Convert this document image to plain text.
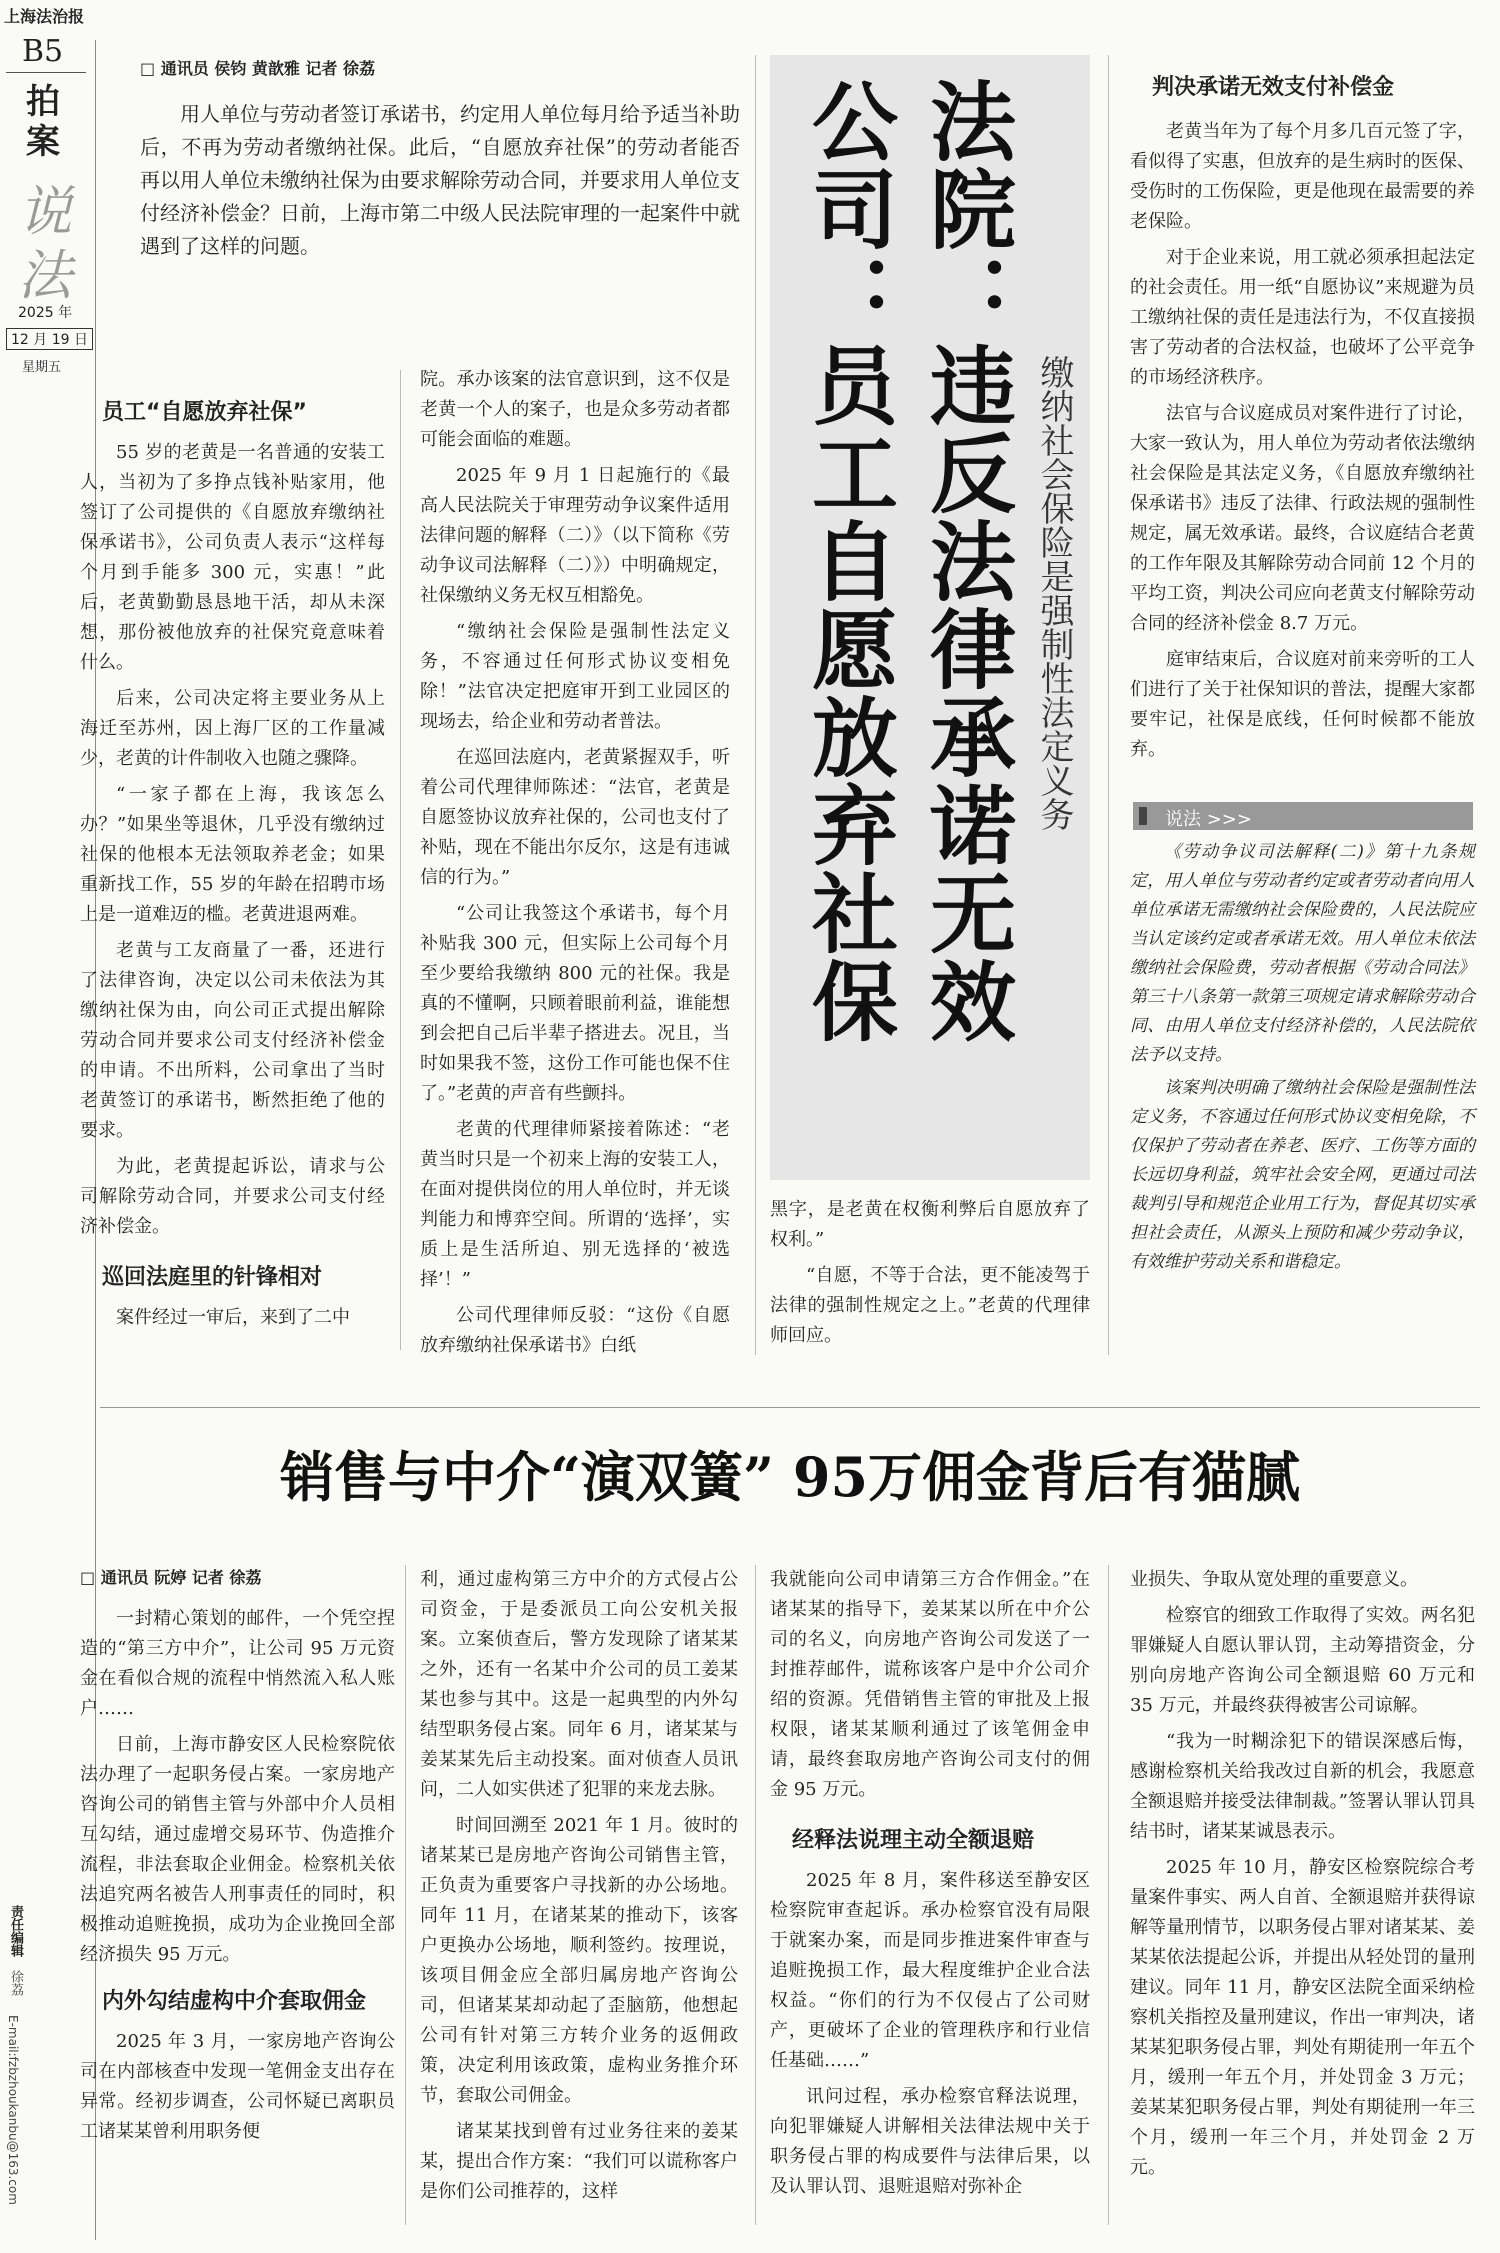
上海法治报
B5
拍案
说法
2025 年
12 月 19 日
星期五
责任编辑
徐荔
E-mail:fzbzhoukanbu@163.com
□ 通讯员 侯钧 黄歆雅 记者 徐荔

用人单位与劳动者签订承诺书，约定用人单位每月给予适当补助后，不再为劳动者缴纳社保。此后，“自愿放弃社保”的劳动者能否再以用人单位未缴纳社保为由要求解除劳动合同，并要求用人单位支付经济补偿金？日前，上海市第二中级人民法院审理的一起案件中就遇到了这样的问题。	法院：违反法律承诺无效
公司：员工自愿放弃社保	缴纳社会保险是强制性法定义务
员工“自愿放弃社保”

55 岁的老黄是一名普通的安装工人，当初为了多挣点钱补贴家用，他签订了公司提供的《自愿放弃缴纳社保承诺书》，公司负责人表示“这样每个月到手能多 300 元，实惠！”此后，老黄勤勤恳恳地干活，却从未深想，那份被他放弃的社保究竟意味着什么。

后来，公司决定将主要业务从上海迁至苏州，因上海厂区的工作量减少，老黄的计件制收入也随之骤降。

“一家子都在上海，我该怎么办？”如果坐等退休，几乎没有缴纳过社保的他根本无法领取养老金；如果重新找工作，55 岁的年龄在招聘市场上是一道难迈的槛。老黄进退两难。

老黄与工友商量了一番，还进行了法律咨询，决定以公司未依法为其缴纳社保为由，向公司正式提出解除劳动合同并要求公司支付经济补偿金的申请。不出所料，公司拿出了当时老黄签订的承诺书，断然拒绝了他的要求。

为此，老黄提起诉讼，请求与公司解除劳动合同，并要求公司支付经济补偿金。

巡回法庭里的针锋相对

案件经过一审后，来到了二中

院。承办该案的法官意识到，这不仅是老黄一个人的案子，也是众多劳动者都可能会面临的难题。

2025 年 9 月 1 日起施行的《最高人民法院关于审理劳动争议案件适用法律问题的解释（二）》（以下简称《劳动争议司法解释（二）》）中明确规定，社保缴纳义务无权互相豁免。

“缴纳社会保险是强制性法定义务，不容通过任何形式协议变相免除！”法官决定把庭审开到工业园区的现场去，给企业和劳动者普法。

在巡回法庭内，老黄紧握双手，听着公司代理律师陈述：“法官，老黄是自愿签协议放弃社保的，公司也支付了补贴，现在不能出尔反尔，这是有违诚信的行为。”

“公司让我签这个承诺书，每个月补贴我 300 元，但实际上公司每个月至少要给我缴纳 800 元的社保。我是真的不懂啊，只顾着眼前利益，谁能想到会把自己后半辈子搭进去。况且，当时如果我不签，这份工作可能也保不住了。”老黄的声音有些颤抖。

老黄的代理律师紧接着陈述：“老黄当时只是一个初来上海的安装工人，在面对提供岗位的用人单位时，并无谈判能力和博弈空间。所谓的‘选择’，实质上是生活所迫、别无选择的‘被选择’！”

公司代理律师反驳：“这份《自愿放弃缴纳社保承诺书》白纸

黑字，是老黄在权衡利弊后自愿放弃了权利。”

“自愿，不等于合法，更不能凌驾于法律的强制性规定之上。”老黄的代理律师回应。

判决承诺无效支付补偿金

老黄当年为了每个月多几百元签了字，看似得了实惠，但放弃的是生病时的医保、受伤时的工伤保险，更是他现在最需要的养老保险。

对于企业来说，用工就必须承担起法定的社会责任。用一纸“自愿协议”来规避为员工缴纳社保的责任是违法行为，不仅直接损害了劳动者的合法权益，也破坏了公平竞争的市场经济秩序。

法官与合议庭成员对案件进行了讨论，大家一致认为，用人单位为劳动者依法缴纳社会保险是其法定义务，《自愿放弃缴纳社保承诺书》违反了法律、行政法规的强制性规定，属无效承诺。最终，合议庭结合老黄的工作年限及其解除劳动合同前 12 个月的平均工资，判决公司应向老黄支付解除劳动合同的经济补偿金 8.7 万元。

庭审结束后，合议庭对前来旁听的工人们进行了关于社保知识的普法，提醒大家都要牢记，社保是底线，任何时候都不能放弃。

说法 >>>

《劳动争议司法解释(二)》第十九条规定，用人单位与劳动者约定或者劳动者向用人单位承诺无需缴纳社会保险费的，人民法院应当认定该约定或者承诺无效。用人单位未依法缴纳社会保险费，劳动者根据《劳动合同法》第三十八条第一款第三项规定请求解除劳动合同、由用人单位支付经济补偿的，人民法院依法予以支持。

该案判决明确了缴纳社会保险是强制性法定义务，不容通过任何形式协议变相免除，不仅保护了劳动者在养老、医疗、工伤等方面的长远切身利益，筑牢社会安全网，更通过司法裁判引导和规范企业用工行为，督促其切实承担社会责任，从源头上预防和减少劳动争议，有效维护劳动关系和谐稳定。

销售与中介“演双簧” 95万佣金背后有猫腻
□ 通讯员 阮婷 记者 徐荔

一封精心策划的邮件，一个凭空捏造的“第三方中介”，让公司 95 万元资金在看似合规的流程中悄然流入私人账户……

日前，上海市静安区人民检察院依法办理了一起职务侵占案。一家房地产咨询公司的销售主管与外部中介人员相互勾结，通过虚增交易环节、伪造推介流程，非法套取企业佣金。检察机关依法追究两名被告人刑事责任的同时，积极推动追赃挽损，成功为企业挽回全部经济损失 95 万元。

内外勾结虚构中介套取佣金

2025 年 3 月，一家房地产咨询公司在内部核查中发现一笔佣金支出存在异常。经初步调查，公司怀疑已离职员工诸某某曾利用职务便

利，通过虚构第三方中介的方式侵占公司资金，于是委派员工向公安机关报案。立案侦查后，警方发现除了诸某某之外，还有一名某中介公司的员工姜某某也参与其中。这是一起典型的内外勾结型职务侵占案。同年 6 月，诸某某与姜某某先后主动投案。面对侦查人员讯问，二人如实供述了犯罪的来龙去脉。

时间回溯至 2021 年 1 月。彼时的诸某某已是房地产咨询公司销售主管，正负责为重要客户寻找新的办公场地。同年 11 月，在诸某某的推动下，该客户更换办公场地，顺利签约。按理说，该项目佣金应全部归属房地产咨询公司，但诸某某却动起了歪脑筋，他想起公司有针对第三方转介业务的返佣政策，决定利用该政策，虚构业务推介环节，套取公司佣金。

诸某某找到曾有过业务往来的姜某某，提出合作方案：“我们可以谎称客户是你们公司推荐的，这样

我就能向公司申请第三方合作佣金。”在诸某某的指导下，姜某某以所在中介公司的名义，向房地产咨询公司发送了一封推荐邮件，谎称该客户是中介公司介绍的资源。凭借销售主管的审批及上报权限，诸某某顺利通过了该笔佣金申请，最终套取房地产咨询公司支付的佣金 95 万元。

经释法说理主动全额退赔

2025 年 8 月，案件移送至静安区检察院审查起诉。承办检察官没有局限于就案办案，而是同步推进案件审查与追赃挽损工作，最大程度维护企业合法权益。“你们的行为不仅侵占了公司财产，更破坏了企业的管理秩序和行业信任基础……”

讯问过程，承办检察官释法说理，向犯罪嫌疑人讲解相关法律法规中关于职务侵占罪的构成要件与法律后果，以及认罪认罚、退赃退赔对弥补企

业损失、争取从宽处理的重要意义。

检察官的细致工作取得了实效。两名犯罪嫌疑人自愿认罪认罚，主动筹措资金，分别向房地产咨询公司全额退赔 60 万元和 35 万元，并最终获得被害公司谅解。

“我为一时糊涂犯下的错误深感后悔，感谢检察机关给我改过自新的机会，我愿意全额退赔并接受法律制裁。”签署认罪认罚具结书时，诸某某诚恳表示。

2025 年 10 月，静安区检察院综合考量案件事实、两人自首、全额退赔并获得谅解等量刑情节，以职务侵占罪对诸某某、姜某某依法提起公诉，并提出从轻处罚的量刑建议。同年 11 月，静安区法院全面采纳检察机关指控及量刑建议，作出一审判决，诸某某犯职务侵占罪，判处有期徒刑一年五个月，缓刑一年五个月，并处罚金 3 万元；姜某某犯职务侵占罪，判处有期徒刑一年三个月，缓刑一年三个月，并处罚金 2 万元。
